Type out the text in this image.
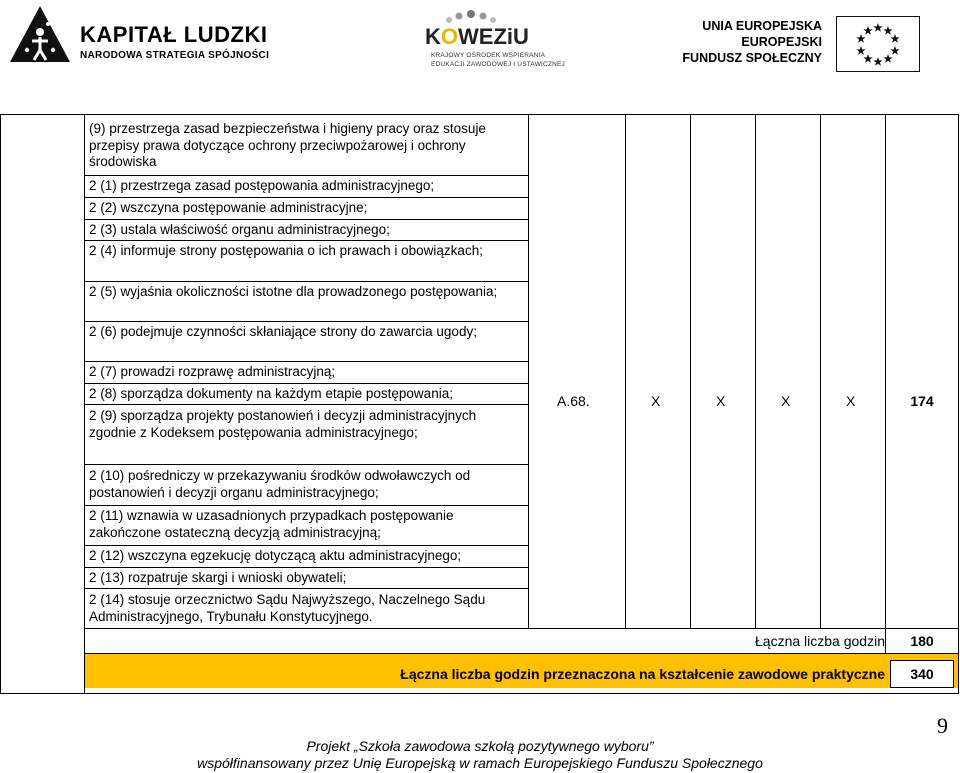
KAPITAŁ LUDZKI
NARODOWA STRATEGIA SPÓJNOŚCI
KOWEZiU
KRAJOWY OŚRODEK WSPIERANIA
EDUKACJI ZAWODOWEJ I USTAWICZNEJ
UNIA EUROPEJSKA
EUROPEJSKI
FUNDUSZ SPOŁECZNY
(9) przestrzega zasad bezpieczeństwa i higieny pracy oraz stosuje przepisy prawa dotyczące ochrony przeciwpożarowej i ochrony środowiska
2 (1) przestrzega zasad postępowania administracyjnego;
2 (2) wszczyna postępowanie administracyjne;
2 (3) ustala właściwość organu administracyjnego;
2 (4) informuje strony postępowania o ich prawach i obowiązkach;
2 (5) wyjaśnia okoliczności istotne dla prowadzonego postępowania;
2 (6) podejmuje czynności skłaniające strony do zawarcia ugody;
2 (7) prowadzi rozprawę administracyjną;
2 (8) sporządza dokumenty na każdym etapie postępowania;
2 (9) sporządza projekty postanowień i decyzji administracyjnych zgodnie z Kodeksem postępowania administracyjnego;
2 (10) pośredniczy w przekazywaniu środków odwoławczych od postanowień i decyzji organu administracyjnego;
2 (11) wznawia w uzasadnionych przypadkach postępowanie zakończone ostateczną decyzją administracyjną;
2 (12) wszczyna egzekucję dotyczącą aktu administracyjnego;
2 (13) rozpatruje skargi i wnioski obywateli;
2 (14) stosuje orzecznictwo Sądu Najwyższego, Naczelnego Sądu Administracyjnego, Trybunału Konstytucyjnego.
A.68.	X	X	X	X	174
Łączna liczba godzin	180
Łączna liczba godzin przeznaczona na kształcenie zawodowe praktyczne	340
9
Projekt „Szkoła zawodowa szkołą pozytywnego wyboru”
współfinansowany przez Unię Europejską w ramach Europejskiego Funduszu Społecznego
